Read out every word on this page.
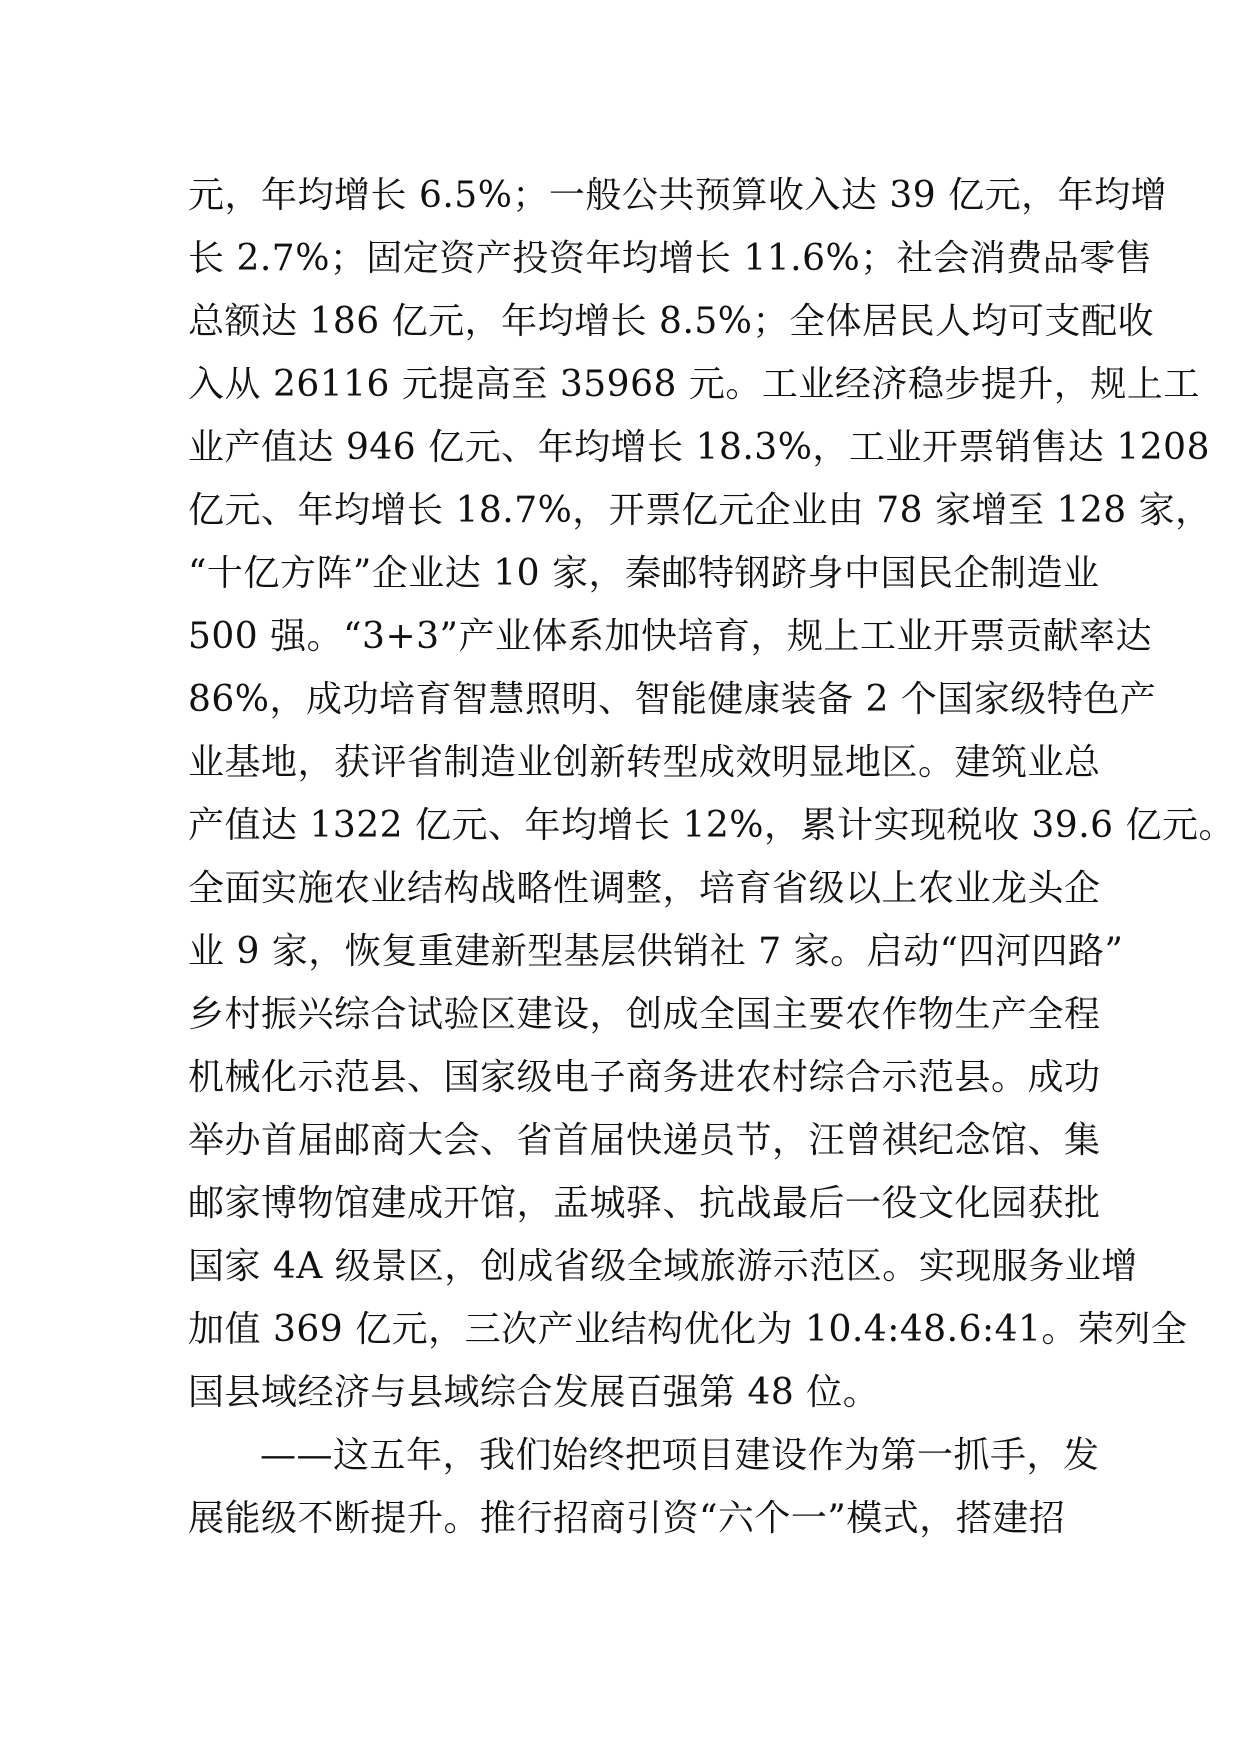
元，年均增长 6.5%；一般公共预算收入达 39 亿元，年均增
长 2.7%；固定资产投资年均增长 11.6%；社会消费品零售
总额达 186 亿元，年均增长 8.5%；全体居民人均可支配收
入从 26116 元提高至 35968 元。工业经济稳步提升，规上工
业产值达 946 亿元、年均增长 18.3%，工业开票销售达 1208
亿元、年均增长 18.7%，开票亿元企业由 78 家增至 128 家，
“十亿方阵”企业达 10 家，秦邮特钢跻身中国民企制造业
500 强。“3+3”产业体系加快培育，规上工业开票贡献率达
86%，成功培育智慧照明、智能健康装备 2 个国家级特色产
业基地，获评省制造业创新转型成效明显地区。建筑业总
产值达 1322 亿元、年均增长 12%，累计实现税收 39.6 亿元。
全面实施农业结构战略性调整，培育省级以上农业龙头企
业 9 家，恢复重建新型基层供销社 7 家。启动“四河四路”
乡村振兴综合试验区建设，创成全国主要农作物生产全程
机械化示范县、国家级电子商务进农村综合示范县。成功
举办首届邮商大会、省首届快递员节，汪曾祺纪念馆、集
邮家博物馆建成开馆，盂城驿、抗战最后一役文化园获批
国家 4A 级景区，创成省级全域旅游示范区。实现服务业增
加值 369 亿元，三次产业结构优化为 10.4:48.6:41。荣列全
国县域经济与县域综合发展百强第 48 位。
——这五年，我们始终把项目建设作为第一抓手，发
展能级不断提升。推行招商引资“六个一”模式，搭建招
